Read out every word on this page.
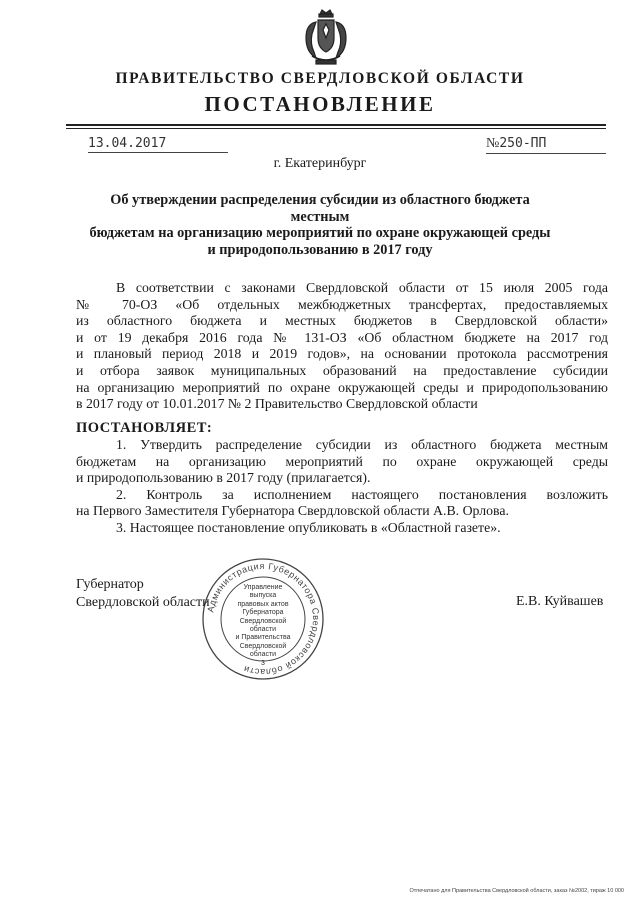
ПРАВИТЕЛЬСТВО СВЕРДЛОВСКОЙ ОБЛАСТИ
ПОСТАНОВЛЕНИЕ
13.04.2017	№250-ПП
г. Екатеринбург
Об утверждении распределения субсидии из областного бюджета местным
бюджетам на организацию мероприятий по охране окружающей среды
и природопользованию в 2017 году
В соответствии с законами Свердловской области от 15 июля 2005 года
№ 70-ОЗ «Об отдельных межбюджетных трансфертах, предоставляемых
из областного бюджета и местных бюджетов в Свердловской области»
и от 19 декабря 2016 года № 131-ОЗ «Об областном бюджете на 2017 год
и плановый период 2018 и 2019 годов», на основании протокола рассмотрения
и отбора заявок муниципальных образований на предоставление субсидии
на организацию мероприятий по охране окружающей среды и природопользованию
в 2017 году от 10.01.2017 № 2 Правительство Свердловской области
ПОСТАНОВЛЯЕТ:
1. Утвердить распределение субсидии из областного бюджета местным
бюджетам на организацию мероприятий по охране окружающей среды
и природопользованию в 2017 году (прилагается).
2. Контроль за исполнением настоящего постановления возложить
на Первого Заместителя Губернатора Свердловской области А.В. Орлова.
3. Настоящее постановление опубликовать в «Областной газете».
Администрация Губернатора Свердловской области
Управление
выпуска
правовых актов
Губернатора
Свердловской области
и Правительства
Свердловской
области
3
Губернатор
Свердловской области	Е.В. Куйвашев
Отпечатано для Правительства Свердловской области, заказ №2002, тираж 10 000
